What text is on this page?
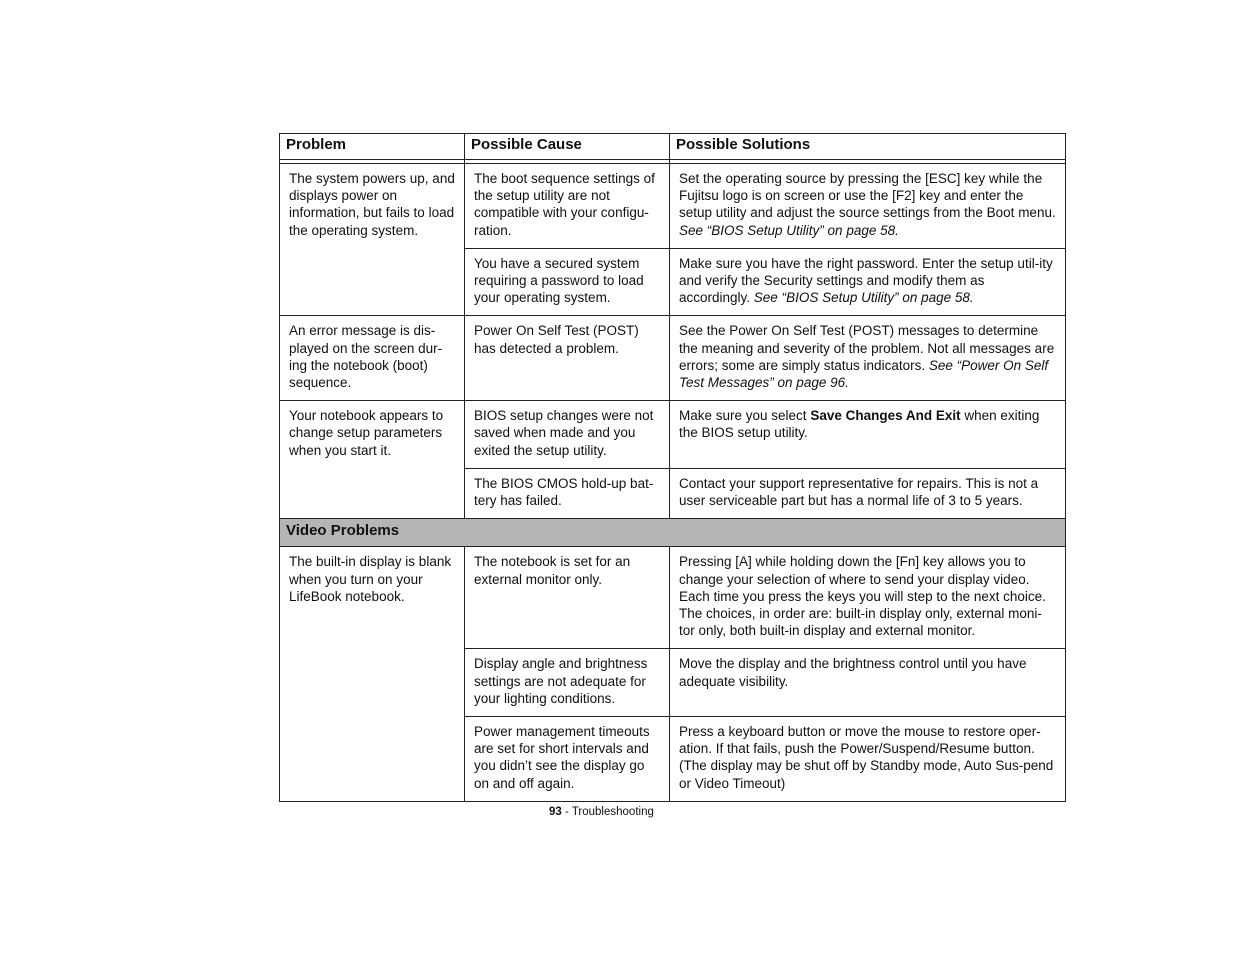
Problem	Possible Cause	Possible Solutions

The system powers up, and displays power on information, but fails to load the operating system.	The boot sequence settings of the setup utility are not compatible with your configu-ration.	Set the operating source by pressing the [ESC] key while the Fujitsu logo is on screen or use the [F2] key and enter the setup utility and adjust the source settings from the Boot menu. See “BIOS Setup Utility” on page 58.
	You have a secured system requiring a password to load your operating system.	Make sure you have the right password. Enter the setup util-ity and verify the Security settings and modify them as accordingly. See “BIOS Setup Utility” on page 58.
An error message is dis-played on the screen dur-ing the notebook (boot) sequence.	Power On Self Test (POST) has detected a problem.	See the Power On Self Test (POST) messages to determine the meaning and severity of the problem. Not all messages are errors; some are simply status indicators. See “Power On Self Test Messages” on page 96.
Your notebook appears to change setup parameters when you start it.	BIOS setup changes were not saved when made and you exited the setup utility.	Make sure you select Save Changes And Exit when exiting the BIOS setup utility.
	The BIOS CMOS hold-up bat-tery has failed.	Contact your support representative for repairs. This is not a user serviceable part but has a normal life of 3 to 5 years.
Video Problems		
The built-in display is blank when you turn on your LifeBook notebook.	The notebook is set for an external monitor only.	Pressing [A] while holding down the [Fn] key allows you to change your selection of where to send your display video. Each time you press the keys you will step to the next choice. The choices, in order are: built-in display only, external moni-tor only, both built-in display and external monitor.
	Display angle and brightness settings are not adequate for your lighting conditions.	Move the display and the brightness control until you have adequate visibility.
	Power management timeouts are set for short intervals and you didn’t see the display go on and off again.	Press a keyboard button or move the mouse to restore oper-ation. If that fails, push the Power/Suspend/Resume button. (The display may be shut off by Standby mode, Auto Sus-pend or Video Timeout)
93 - Troubleshooting
